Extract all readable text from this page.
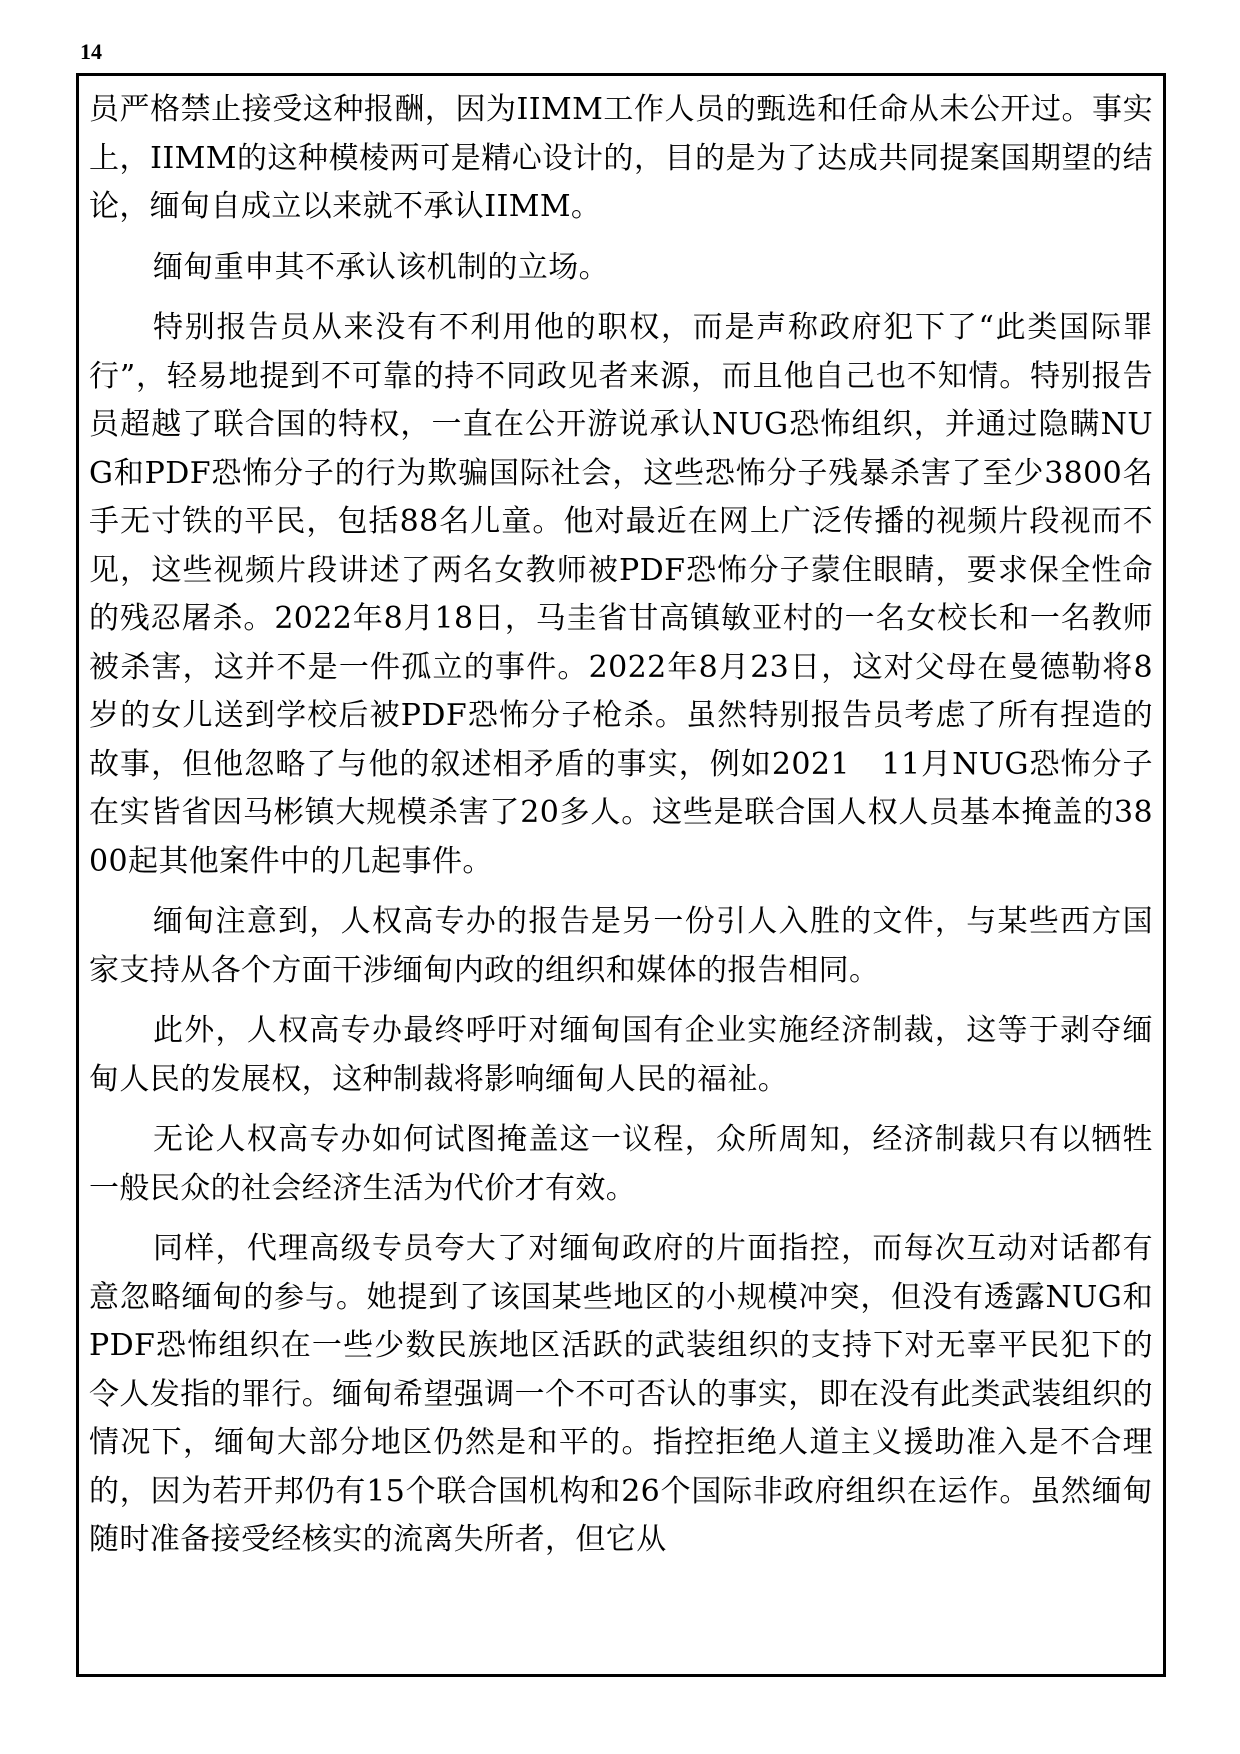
14

员严格禁止接受这种报酬，因为IIMM工作人员的甄选和任命从未公开过。事实上，IIMM的这种模棱两可是精心设计的，目的是为了达成共同提案国期望的结论，缅甸自成立以来就不承认IIMM。

缅甸重申其不承认该机制的立场。

特别报告员从来没有不利用他的职权，而是声称政府犯下了“此类国际罪行”，轻易地提到不可靠的持不同政见者来源，而且他自己也不知情。特别报告员超越了联合国的特权，一直在公开游说承认NUG恐怖组织，并通过隐瞒NUG和PDF恐怖分子的行为欺骗国际社会，这些恐怖分子残暴杀害了至少3800名手无寸铁的平民，包括88名儿童。他对最近在网上广泛传播的视频片段视而不见，这些视频片段讲述了两名女教师被PDF恐怖分子蒙住眼睛，要求保全性命的残忍屠杀。2022年8月18日，马圭省甘高镇敏亚村的一名女校长和一名教师被杀害，这并不是一件孤立的事件。2022年8月23日，这对父母在曼德勒将8岁的女儿送到学校后被PDF恐怖分子枪杀。虽然特别报告员考虑了所有捏造的故事，但他忽略了与他的叙述相矛盾的事实，例如2021　11月NUG恐怖分子在实皆省因马彬镇大规模杀害了20多人。这些是联合国人权人员基本掩盖的3800起其他案件中的几起事件。

缅甸注意到，人权高专办的报告是另一份引人入胜的文件，与某些西方国家支持从各个方面干涉缅甸内政的组织和媒体的报告相同。

此外，人权高专办最终呼吁对缅甸国有企业实施经济制裁，这等于剥夺缅甸人民的发展权，这种制裁将影响缅甸人民的福祉。

无论人权高专办如何试图掩盖这一议程，众所周知，经济制裁只有以牺牲一般民众的社会经济生活为代价才有效。

同样，代理高级专员夸大了对缅甸政府的片面指控，而每次互动对话都有意忽略缅甸的参与。她提到了该国某些地区的小规模冲突，但没有透露NUG和PDF恐怖组织在一些少数民族地区活跃的武装组织的支持下对无辜平民犯下的令人发指的罪行。缅甸希望强调一个不可否认的事实，即在没有此类武装组织的情况下，缅甸大部分地区仍然是和平的。指控拒绝人道主义援助准入是不合理的，因为若开邦仍有15个联合国机构和26个国际非政府组织在运作。虽然缅甸随时准备接受经核实的流离失所者，但它从
